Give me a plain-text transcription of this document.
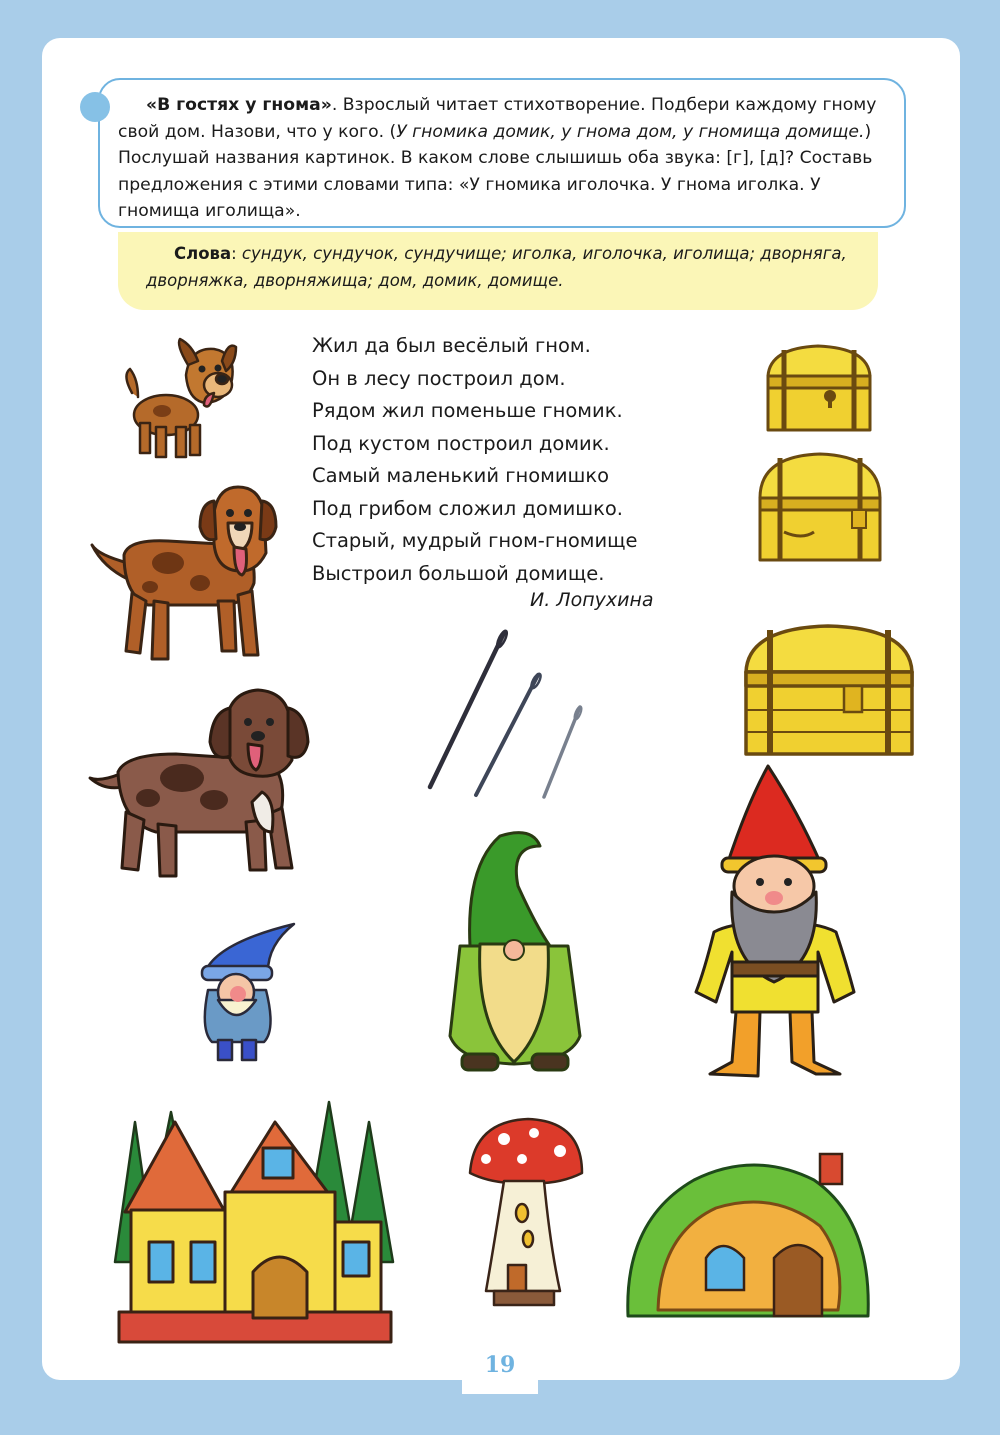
«В гостях у гнома». Взрослый читает стихотворение. Подбери каждому гному свой дом. Назови, что у кого. (У гномика домик, у гнома дом, у гномища домище.) Послушай названия картинок. В каком слове слышишь оба звука: [г], [д]? Составь предложения с этими словами типа: «У гномика иголочка. У гнома иголка. У гномища иголища».
Слова: сундук, сундучок, сундучище; иголка, иголочка, иголища; дворняга, дворняжка, дворняжища; дом, домик, домище.
Жил да был весёлый гном.
Он в лесу построил дом.
Рядом жил поменьше гномик.
Под кустом построил домик.
Самый маленький гномишко
Под грибом сложил домишко.
Старый, мудрый гном-гномище
Выстроил большой домище.
И. Лопухина
19
